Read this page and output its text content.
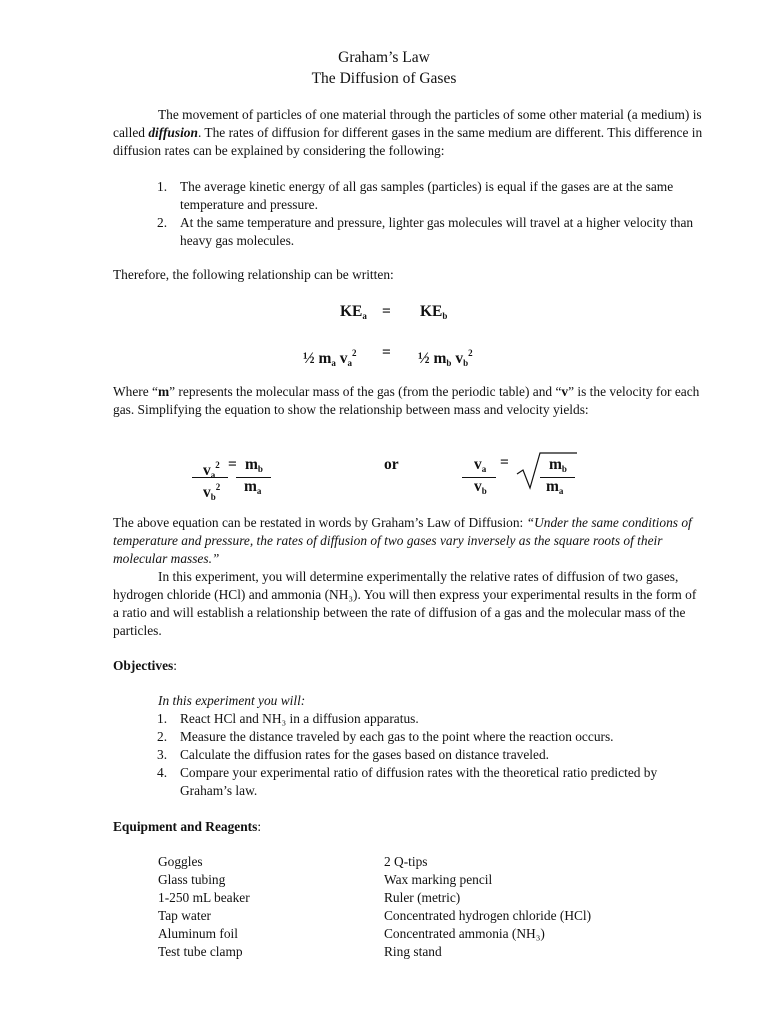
Graham’s Law
The Diffusion of Gases
The movement of particles of one material through the particles of some other material (a medium) is called diffusion. The rates of diffusion for different gases in the same medium are different. This difference in diffusion rates can be explained by considering the following:
1. The average kinetic energy of all gas samples (particles) is equal if the gases are at the same temperature and pressure.
2. At the same temperature and pressure, lighter gas molecules will travel at a higher velocity than heavy gas molecules.
Therefore, the following relationship can be written:
$KE_a = KE_b$
½ $m_a$ $v_a^2$ = ½ $m_b$ $v_b^2$
Where “m” represents the molecular mass of the gas (from the periodic table) and “v” is the velocity for each gas. Simplifying the equation to show the relationship between mass and velocity yields:
$v_a^2$
$v_b^2$
= $m_b$
$m_a$
or	$v_a$
$v_b$
=	$m_b$
$m_a$
The above equation can be restated in words by Graham’s Law of Diffusion: “Under the same conditions of temperature and pressure, the rates of diffusion of two gases vary inversely as the square roots of their molecular masses.”
In this experiment, you will determine experimentally the relative rates of diffusion of two gases, hydrogen chloride (HCl) and ammonia (NH₃). You will then express your experimental results in the form of a ratio and will establish a relationship between the rate of diffusion of a gas and the molecular mass of the particles.
Objectives:
In this experiment you will:
1. React HCl and NH₃ in a diffusion apparatus.
2. Measure the distance traveled by each gas to the point where the reaction occurs.
3. Calculate the diffusion rates for the gases based on distance traveled.
4. Compare your experimental ratio of diffusion rates with the theoretical ratio predicted by Graham’s law.
Equipment and Reagents:
Goggles	2 Q-tips
Glass tubing	Wax marking pencil
1-250 mL beaker	Ruler (metric)
Tap water	Concentrated hydrogen chloride (HCl)
Aluminum foil	Concentrated ammonia (NH₃)
Test tube clamp	Ring stand
